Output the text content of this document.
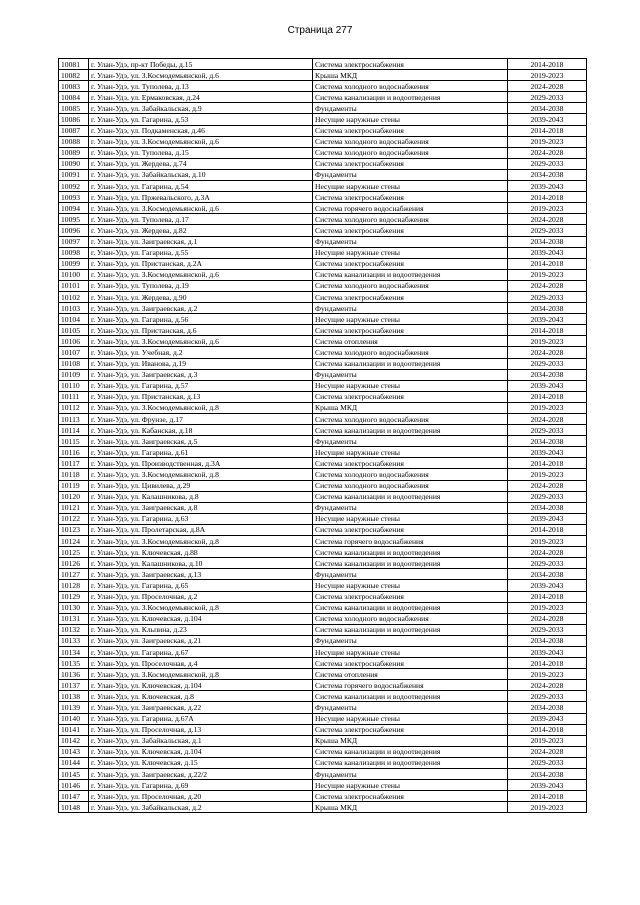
Страница 277
10081	г. Улан-Удэ, пр-кт Победы, д.15	Система электроснабжения	2014-2018
10082	г. Улан-Удэ, ул. З.Космодемьянской, д.6	Крыша МКД	2019-2023
10083	г. Улан-Удэ, ул. Туполева, д.13	Система холодного водоснабжения	2024-2028
10084	г. Улан-Удэ, ул. Ермаковская, д.24	Система канализации и водоотведения	2029-2033
10085	г. Улан-Удэ, ул. Забайкальская, д.9	Фундаменты	2034-2038
10086	г. Улан-Удэ, ул. Гагарина, д.53	Несущие наружные стены	2039-2043
10087	г. Улан-Удэ, ул. Подкаменская, д.46	Система электроснабжения	2014-2018
10088	г. Улан-Удэ, ул. З.Космодемьянской, д.6	Система холодного водоснабжения	2019-2023
10089	г. Улан-Удэ, ул. Туполева, д.15	Система холодного водоснабжения	2024-2028
10090	г. Улан-Удэ, ул. Жердева, д.74	Система электроснабжения	2029-2033
10091	г. Улан-Удэ, ул. Забайкальская, д.10	Фундаменты	2034-2038
10092	г. Улан-Удэ, ул. Гагарина, д.54	Несущие наружные стены	2039-2043
10093	г. Улан-Удэ, ул. Пржевальского, д.3А	Система электроснабжения	2014-2018
10094	г. Улан-Удэ, ул. З.Космодемьянской, д.6	Система горячего водоснабжения	2019-2023
10095	г. Улан-Удэ, ул. Туполева, д.17	Система холодного водоснабжения	2024-2028
10096	г. Улан-Удэ, ул. Жердева, д.82	Система электроснабжения	2029-2033
10097	г. Улан-Удэ, ул. Заиграевская, д.1	Фундаменты	2034-2038
10098	г. Улан-Удэ, ул. Гагарина, д.55	Несущие наружные стены	2039-2043
10099	г. Улан-Удэ, ул. Пристанская, д.2А	Система электроснабжения	2014-2018
10100	г. Улан-Удэ, ул. З.Космодемьянской, д.6	Система канализации и водоотведения	2019-2023
10101	г. Улан-Удэ, ул. Туполева, д.19	Система холодного водоснабжения	2024-2028
10102	г. Улан-Удэ, ул. Жердева, д.90	Система электроснабжения	2029-2033
10103	г. Улан-Удэ, ул. Заиграевская, д.2	Фундаменты	2034-2038
10104	г. Улан-Удэ, ул. Гагарина, д.56	Несущие наружные стены	2039-2043
10105	г. Улан-Удэ, ул. Пристанская, д.6	Система электроснабжения	2014-2018
10106	г. Улан-Удэ, ул. З.Космодемьянской, д.6	Система отопления	2019-2023
10107	г. Улан-Удэ, ул. Учебная, д.2	Система холодного водоснабжения	2024-2028
10108	г. Улан-Удэ, ул. Иванова, д.19	Система канализации и водоотведения	2029-2033
10109	г. Улан-Удэ, ул. Заиграевская, д.3	Фундаменты	2034-2038
10110	г. Улан-Удэ, ул. Гагарина, д.57	Несущие наружные стены	2039-2043
10111	г. Улан-Удэ, ул. Пристанская, д.13	Система электроснабжения	2014-2018
10112	г. Улан-Удэ, ул. З.Космодемьянской, д.8	Крыша МКД	2019-2023
10113	г. Улан-Удэ, ул. Фрунзе, д.17	Система холодного водоснабжения	2024-2028
10114	г. Улан-Удэ, ул. Кабанская, д.18	Система канализации и водоотведения	2029-2033
10115	г. Улан-Удэ, ул. Заиграевская, д.5	Фундаменты	2034-2038
10116	г. Улан-Удэ, ул. Гагарина, д.61	Несущие наружные стены	2039-2043
10117	г. Улан-Удэ, ул. Производственная, д.3А	Система электроснабжения	2014-2018
10118	г. Улан-Удэ, ул. З.Космодемьянской, д.8	Система холодного водоснабжения	2019-2023
10119	г. Улан-Удэ, ул. Цивилева, д.29	Система холодного водоснабжения	2024-2028
10120	г. Улан-Удэ, ул. Калашникова, д.8	Система канализации и водоотведения	2029-2033
10121	г. Улан-Удэ, ул. Заиграевская, д.8	Фундаменты	2034-2038
10122	г. Улан-Удэ, ул. Гагарина, д.63	Несущие наружные стены	2039-2043
10123	г. Улан-Удэ, ул. Пролетарская, д.8А	Система электроснабжения	2014-2018
10124	г. Улан-Удэ, ул. З.Космодемьянской, д.8	Система горячего водоснабжения	2019-2023
10125	г. Улан-Удэ, ул. Ключевская, д.88	Система канализации и водоотведения	2024-2028
10126	г. Улан-Удэ, ул. Калашникова, д.10	Система канализации и водоотведения	2029-2033
10127	г. Улан-Удэ, ул. Заиграевская, д.13	Фундаменты	2034-2038
10128	г. Улан-Удэ, ул. Гагарина, д.65	Несущие наружные стены	2039-2043
10129	г. Улан-Удэ, ул. Проселочная, д.2	Система электроснабжения	2014-2018
10130	г. Улан-Удэ, ул. З.Космодемьянской, д.8	Система канализации и водоотведения	2019-2023
10131	г. Улан-Удэ, ул. Ключевская, д.104	Система холодного водоснабжения	2024-2028
10132	г. Улан-Удэ, ул. Кльпина, д.23	Система канализации и водоотведения	2029-2033
10133	г. Улан-Удэ, ул. Заиграевская, д.21	Фундаменты	2034-2038
10134	г. Улан-Удэ, ул. Гагарина, д.67	Несущие наружные стены	2039-2043
10135	г. Улан-Удэ, ул. Проселочная, д.4	Система электроснабжения	2014-2018
10136	г. Улан-Удэ, ул. З.Космодемьянской, д.8	Система отопления	2019-2023
10137	г. Улан-Удэ, ул. Ключевская, д.104	Система горячего водоснабжения	2024-2028
10138	г. Улан-Удэ, ул. Ключевская, д.8	Система канализации и водоотведения	2029-2033
10139	г. Улан-Удэ, ул. Заиграевская, д.22	Фундаменты	2034-2038
10140	г. Улан-Удэ, ул. Гагарина, д.67А	Несущие наружные стены	2039-2043
10141	г. Улан-Удэ, ул. Проселочная, д.13	Система электроснабжения	2014-2018
10142	г. Улан-Удэ, ул. Забайкальская, д.1	Крыша МКД	2019-2023
10143	г. Улан-Удэ, ул. Ключевская, д.104	Система канализации и водоотведения	2024-2028
10144	г. Улан-Удэ, ул. Ключевская, д.15	Система канализации и водоотведения	2029-2033
10145	г. Улан-Удэ, ул. Заиграевская, д.22/2	Фундаменты	2034-2038
10146	г. Улан-Удэ, ул. Гагарина, д.69	Несущие наружные стены	2039-2043
10147	г. Улан-Удэ, ул. Проселочная, д.20	Система электроснабжения	2014-2018
10148	г. Улан-Удэ, ул. Забайкальская, д.2	Крыша МКД	2019-2023
